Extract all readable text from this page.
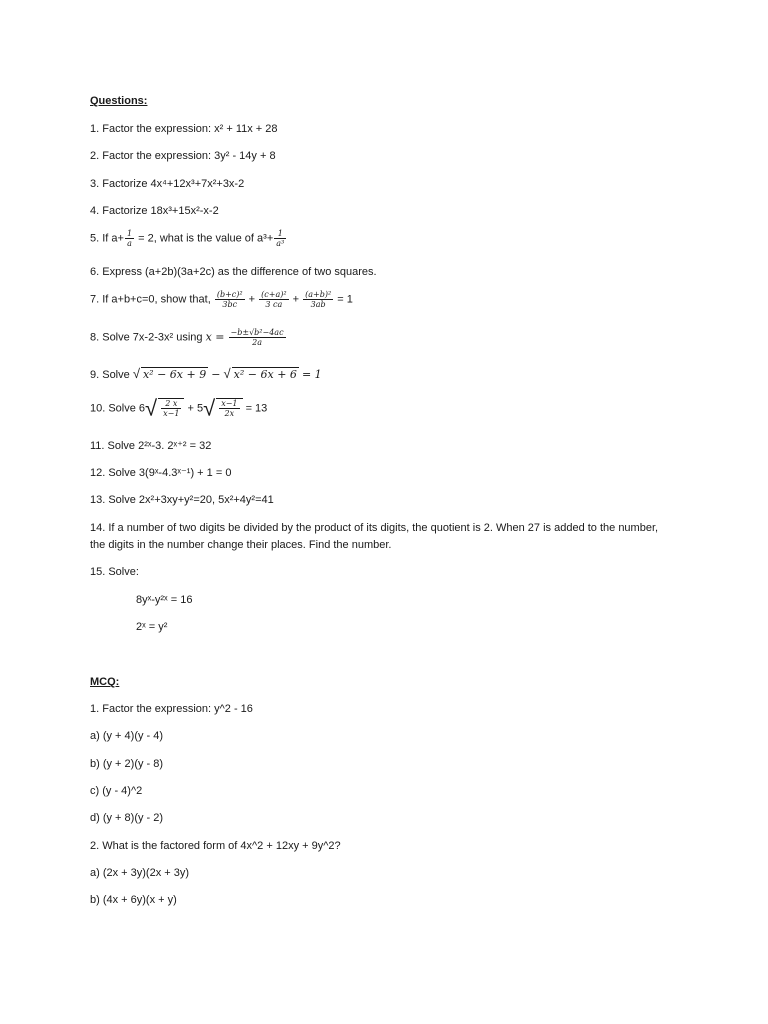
Questions:
1. Factor the expression: x² + 11x + 28
2. Factor the expression: 3y² - 14y + 8
3. Factorize 4x⁴+12x³+7x²+3x-2
4. Factorize 18x³+15x²-x-2
5. If $a+ \frac{1}{a} = 2$, what is the value of $a^3+ \frac{1}{\text{a³}}$
6. Express (a+2b)(3a+2c) as the difference of two squares.
7. If a+b+c=0, show that, $\frac{\text{(b+c)²}}{3bc} + \frac{\text{(c+a)²}}{3 ca} + \frac{\text{(a+b)²}}{3ab} = 1$
8. Solve 7x-2-3x² using $x = \frac{\text{−b±√b²−4ac}}{2a}$
9. Solve √ x² − 6x + 9 − √ x² − 6x + 6 = 1
10. Solve $6√ \frac{2 x}{x-1} + 5√ \frac{x-1}{2x} = 13$
11. Solve 2²ˣ-3. 2ˣ⁺² = 32
12. Solve 3(9ˣ-4.3ˣ⁻¹) + 1 = 0
13. Solve 2x²+3xy+y²=20, 5x²+4y²=41
14. If a number of two digits be divided by the product of its digits, the quotient is 2. When 27 is added to the number, the digits in the number change their places. Find the number.
15. Solve:
8yˣ-y²ˣ = 16
2ˣ = y²
MCQ:
1. Factor the expression: y^2 - 16
a) (y + 4)(y - 4)
b) (y + 2)(y - 8)
c) (y - 4)^2
d) (y + 8)(y - 2)
2. What is the factored form of 4x^2 + 12xy + 9y^2?
a) (2x + 3y)(2x + 3y)
b) (4x + 6y)(x + y)
